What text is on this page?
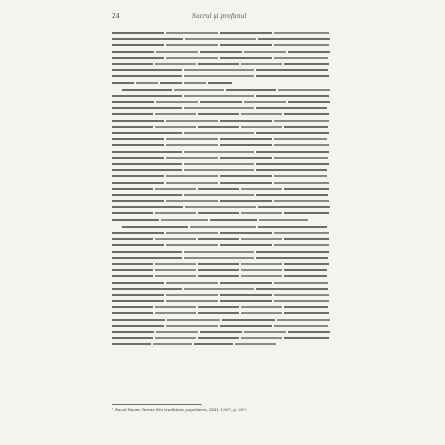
24	Sacrul şi profanul
¹ Raoul Bauer, Revue des traditions populaires, XXII, 1907, p. 287.
